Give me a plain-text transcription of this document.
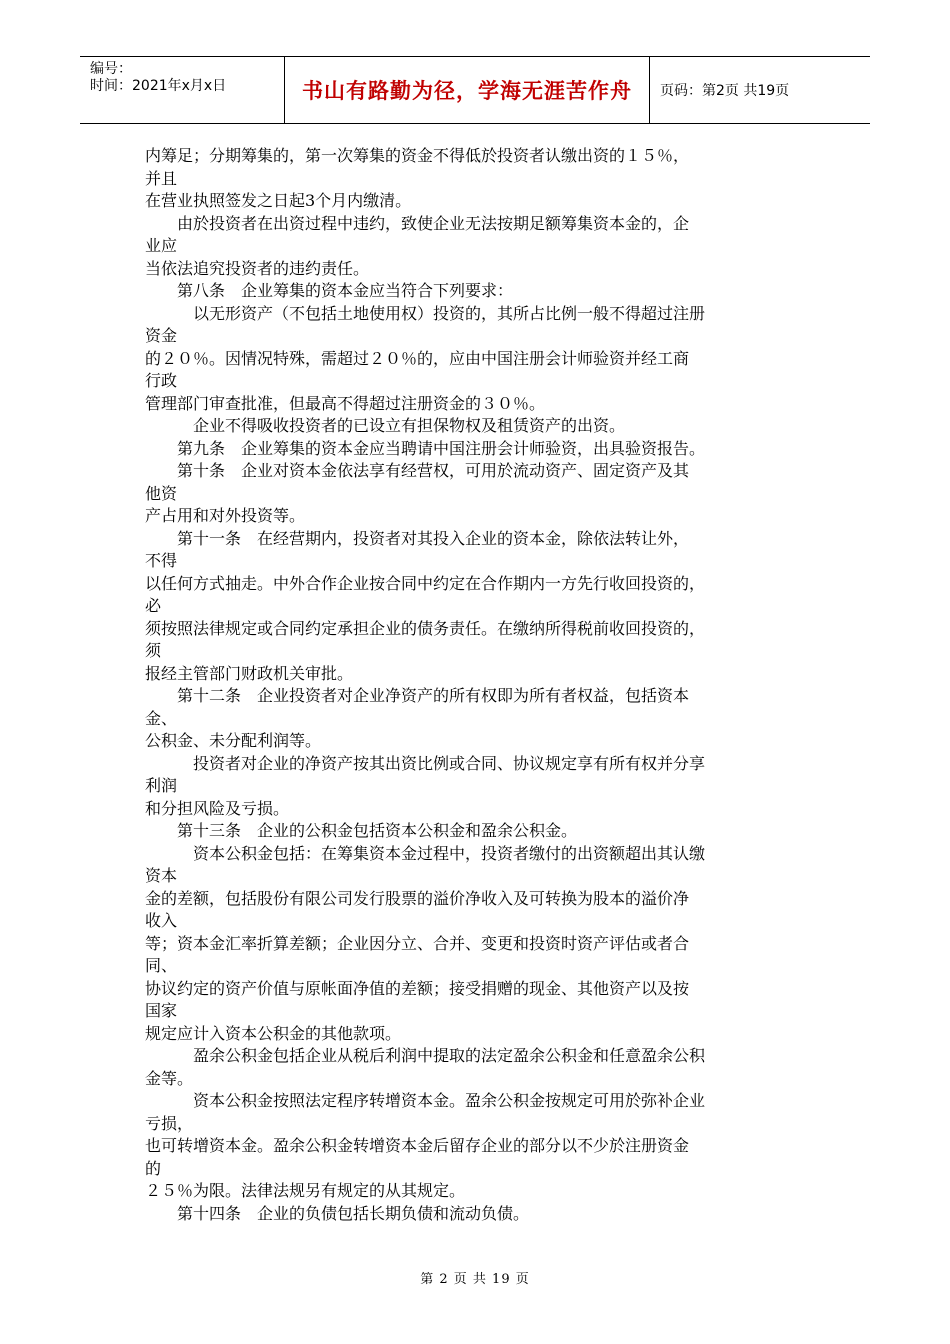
编号：
时间：2021年x月x日	书山有路勤为径，学海无涯苦作舟	页码：第2页 共19页
内筹足；分期筹集的，第一次筹集的资金不得低於投资者认缴出资的１５％，
并且
在营业执照签发之日起3个月内缴清。
　　由於投资者在出资过程中违约，致使企业无法按期足额筹集资本金的，企
业应
当依法追究投资者的违约责任。
　　第八条　企业筹集的资本金应当符合下列要求：
　　　以无形资产（不包括土地使用权）投资的，其所占比例一般不得超过注册
资金
的２０％。因情况特殊，需超过２０％的，应由中国注册会计师验资并经工商
行政
管理部门审查批准，但最高不得超过注册资金的３０％。
　　　企业不得吸收投资者的已设立有担保物权及租赁资产的出资。
　　第九条　企业筹集的资本金应当聘请中国注册会计师验资，出具验资报告。
　　第十条　企业对资本金依法享有经营权，可用於流动资产、固定资产及其
他资
产占用和对外投资等。
　　第十一条　在经营期内，投资者对其投入企业的资本金，除依法转让外，
不得
以任何方式抽走。中外合作企业按合同中约定在合作期内一方先行收回投资的，
必
须按照法律规定或合同约定承担企业的债务责任。在缴纳所得税前收回投资的，
须
报经主管部门财政机关审批。
　　第十二条　企业投资者对企业净资产的所有权即为所有者权益，包括资本
金、
公积金、未分配利润等。
　　　投资者对企业的净资产按其出资比例或合同、协议规定享有所有权并分享
利润
和分担风险及亏损。
　　第十三条　企业的公积金包括资本公积金和盈余公积金。
　　　资本公积金包括：在筹集资本金过程中，投资者缴付的出资额超出其认缴
资本
金的差额，包括股份有限公司发行股票的溢价净收入及可转换为股本的溢价净
收入
等；资本金汇率折算差额；企业因分立、合并、变更和投资时资产评估或者合
同、
协议约定的资产价值与原帐面净值的差额；接受捐赠的现金、其他资产以及按
国家
规定应计入资本公积金的其他款项。
　　　盈余公积金包括企业从税后利润中提取的法定盈余公积金和任意盈余公积
金等。
　　　资本公积金按照法定程序转增资本金。盈余公积金按规定可用於弥补企业
亏损，
也可转增资本金。盈余公积金转增资本金后留存企业的部分以不少於注册资金
的
２５％为限。法律法规另有规定的从其规定。
　　第十四条　企业的负债包括长期负债和流动负债。
第 2 页 共 19 页
